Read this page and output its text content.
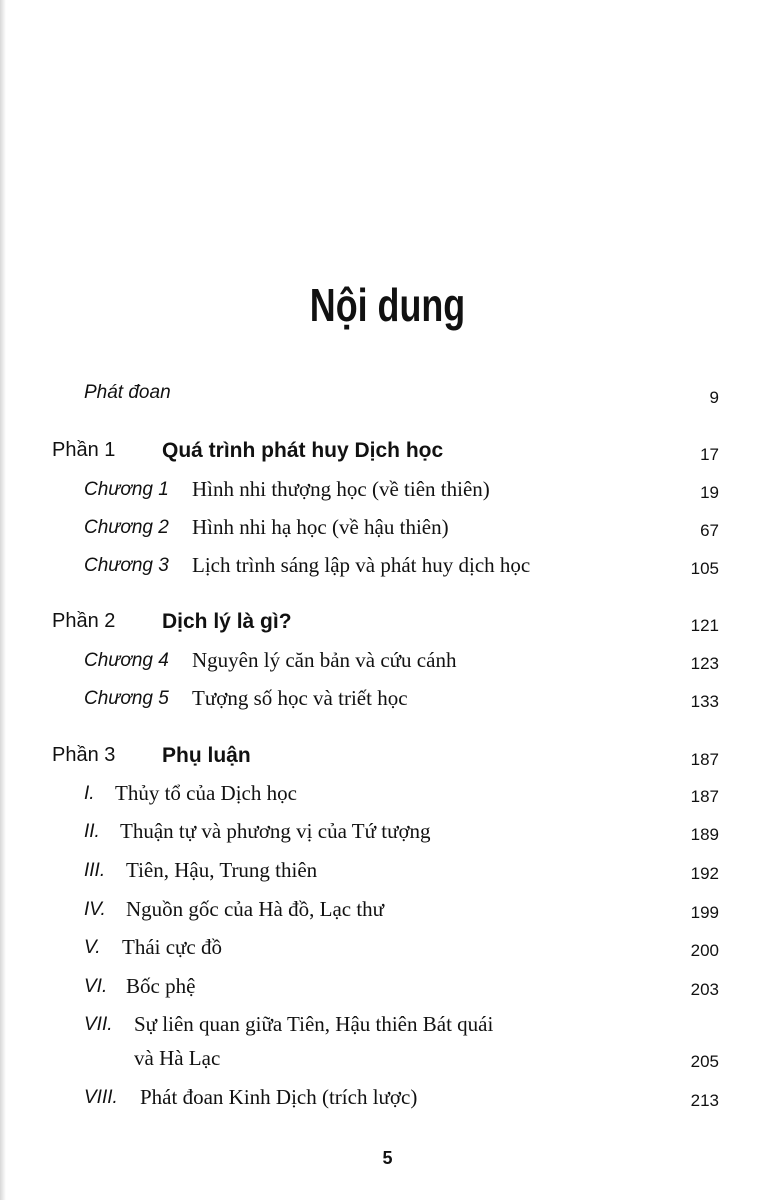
Nội dung
Phát đoan	9
Phần 1 Quá trình phát huy Dịch học	17
Chương 1 Hình nhi thượng học (về tiên thiên)	19
Chương 2 Hình nhi hạ học (về hậu thiên)	67
Chương 3 Lịch trình sáng lập và phát huy dịch học	105
Phần 2 Dịch lý là gì?	121
Chương 4 Nguyên lý căn bản và cứu cánh	123
Chương 5 Tượng số học và triết học	133
Phần 3 Phụ luận	187
I. Thủy tổ của Dịch học	187
II. Thuận tự và phương vị của Tứ tượng	189
III. Tiên, Hậu, Trung thiên	192
IV. Nguồn gốc của Hà đồ, Lạc thư	199
V. Thái cực đồ	200
VI. Bốc phệ	203
VII. Sự liên quan giữa Tiên, Hậu thiên Bát quái
và Hà Lạc	205
VIII. Phát đoan Kinh Dịch (trích lược)	213
5
